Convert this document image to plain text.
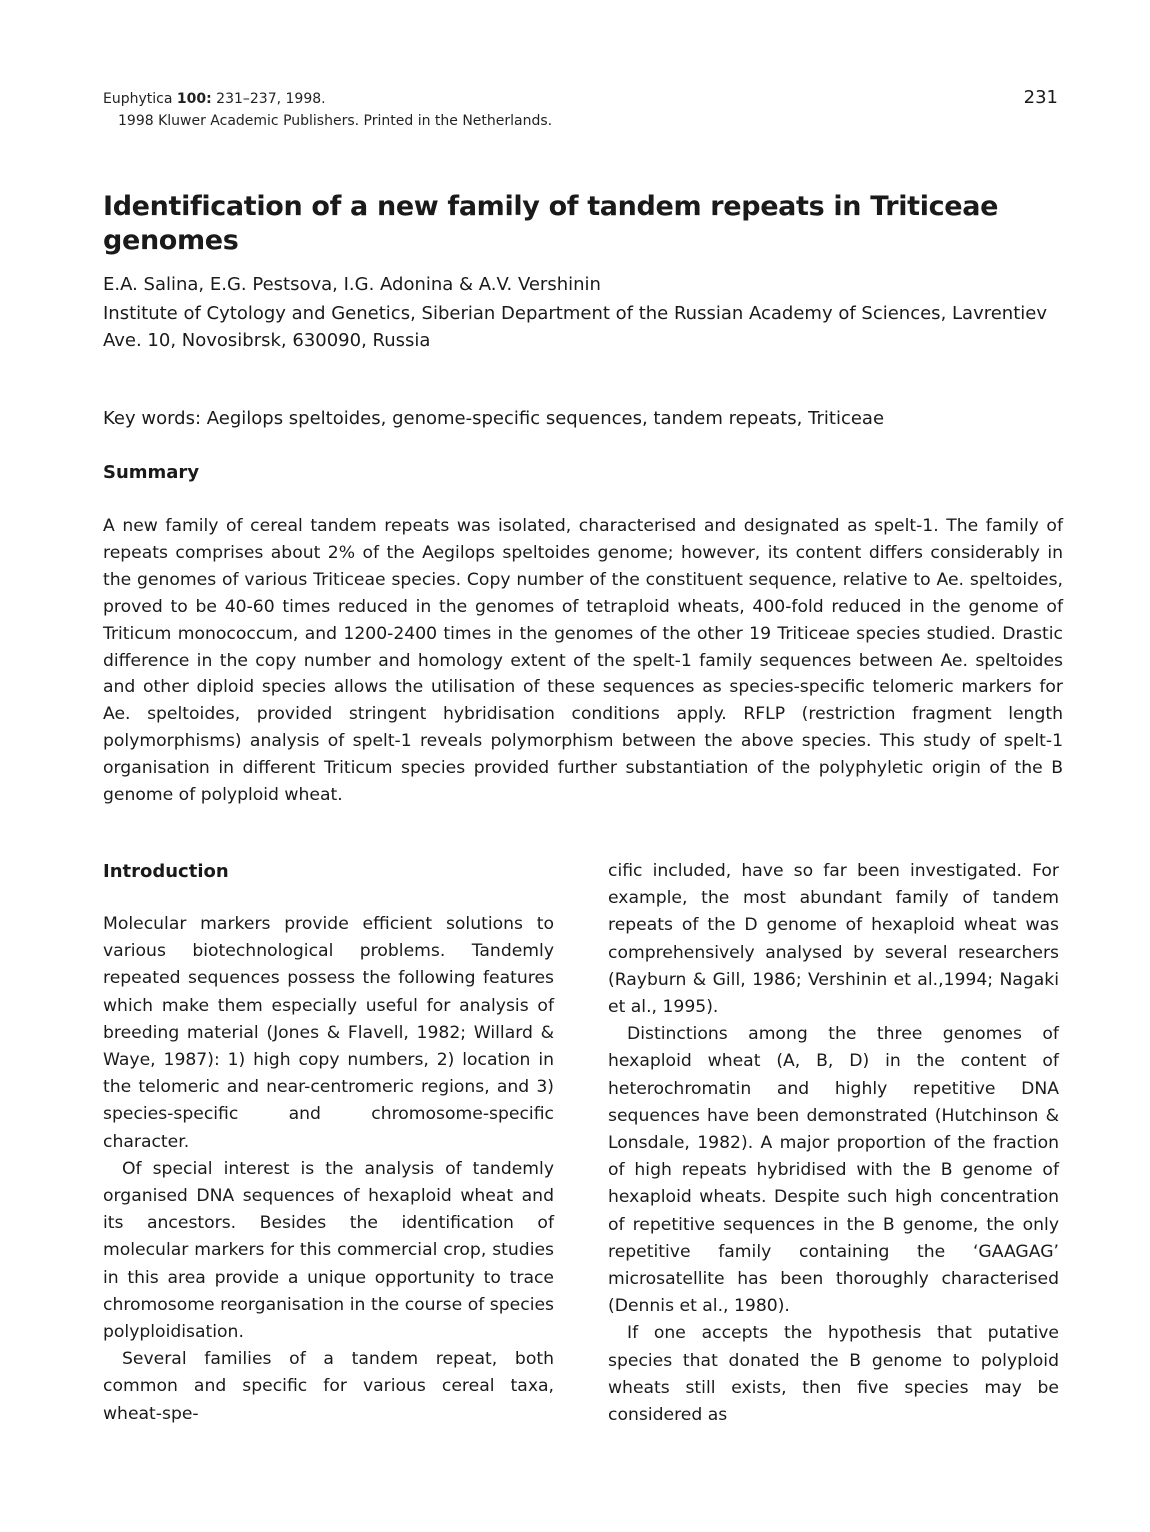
Euphytica 100: 231–237, 1998.
1998 Kluwer Academic Publishers. Printed in the Netherlands.
231
Identification of a new family of tandem repeats in Triticeae genomes
E.A. Salina, E.G. Pestsova, I.G. Adonina & A.V. Vershinin
Institute of Cytology and Genetics, Siberian Department of the Russian Academy of Sciences, Lavrentiev Ave. 10, Novosibrsk, 630090, Russia
Key words: Aegilops speltoides, genome-specific sequences, tandem repeats, Triticeae
Summary

A new family of cereal tandem repeats was isolated, characterised and designated as spelt-1. The family of repeats comprises about 2% of the Aegilops speltoides genome; however, its content differs considerably in the genomes of various Triticeae species. Copy number of the constituent sequence, relative to Ae. speltoides, proved to be 40-60 times reduced in the genomes of tetraploid wheats, 400-fold reduced in the genome of Triticum monococcum, and 1200-2400 times in the genomes of the other 19 Triticeae species studied. Drastic difference in the copy number and homology extent of the spelt-1 family sequences between Ae. speltoides and other diploid species allows the utilisation of these sequences as species-specific telomeric markers for Ae. speltoides, provided stringent hybridisation conditions apply. RFLP (restriction fragment length polymorphisms) analysis of spelt-1 reveals polymorphism between the above species. This study of spelt-1 organisation in different Triticum species provided further substantiation of the polyphyletic origin of the B genome of polyploid wheat.

Introduction

Molecular markers provide efficient solutions to various biotechnological problems. Tandemly repeated sequences possess the following features which make them especially useful for analysis of breeding material (Jones & Flavell, 1982; Willard & Waye, 1987): 1) high copy numbers, 2) location in the telomeric and near-centromeric regions, and 3) species-specific and chromosome-specific character.

Of special interest is the analysis of tandemly organised DNA sequences of hexaploid wheat and its ancestors. Besides the identification of molecular markers for this commercial crop, studies in this area provide a unique opportunity to trace chromosome reorganisation in the course of species polyploidisation.

Several families of a tandem repeat, both common and specific for various cereal taxa, wheat-spe-

cific included, have so far been investigated. For example, the most abundant family of tandem repeats of the D genome of hexaploid wheat was comprehensively analysed by several researchers (Rayburn & Gill, 1986; Vershinin et al.,1994; Nagaki et al., 1995).

Distinctions among the three genomes of hexaploid wheat (A, B, D) in the content of heterochromatin and highly repetitive DNA sequences have been demonstrated (Hutchinson & Lonsdale, 1982). A major proportion of the fraction of high repeats hybridised with the B genome of hexaploid wheats. Despite such high concentration of repetitive sequences in the B genome, the only repetitive family containing the ‘GAAGAG’ microsatellite has been thoroughly characterised (Dennis et al., 1980).

If one accepts the hypothesis that putative species that donated the B genome to polyploid wheats still exists, then five species may be considered as
